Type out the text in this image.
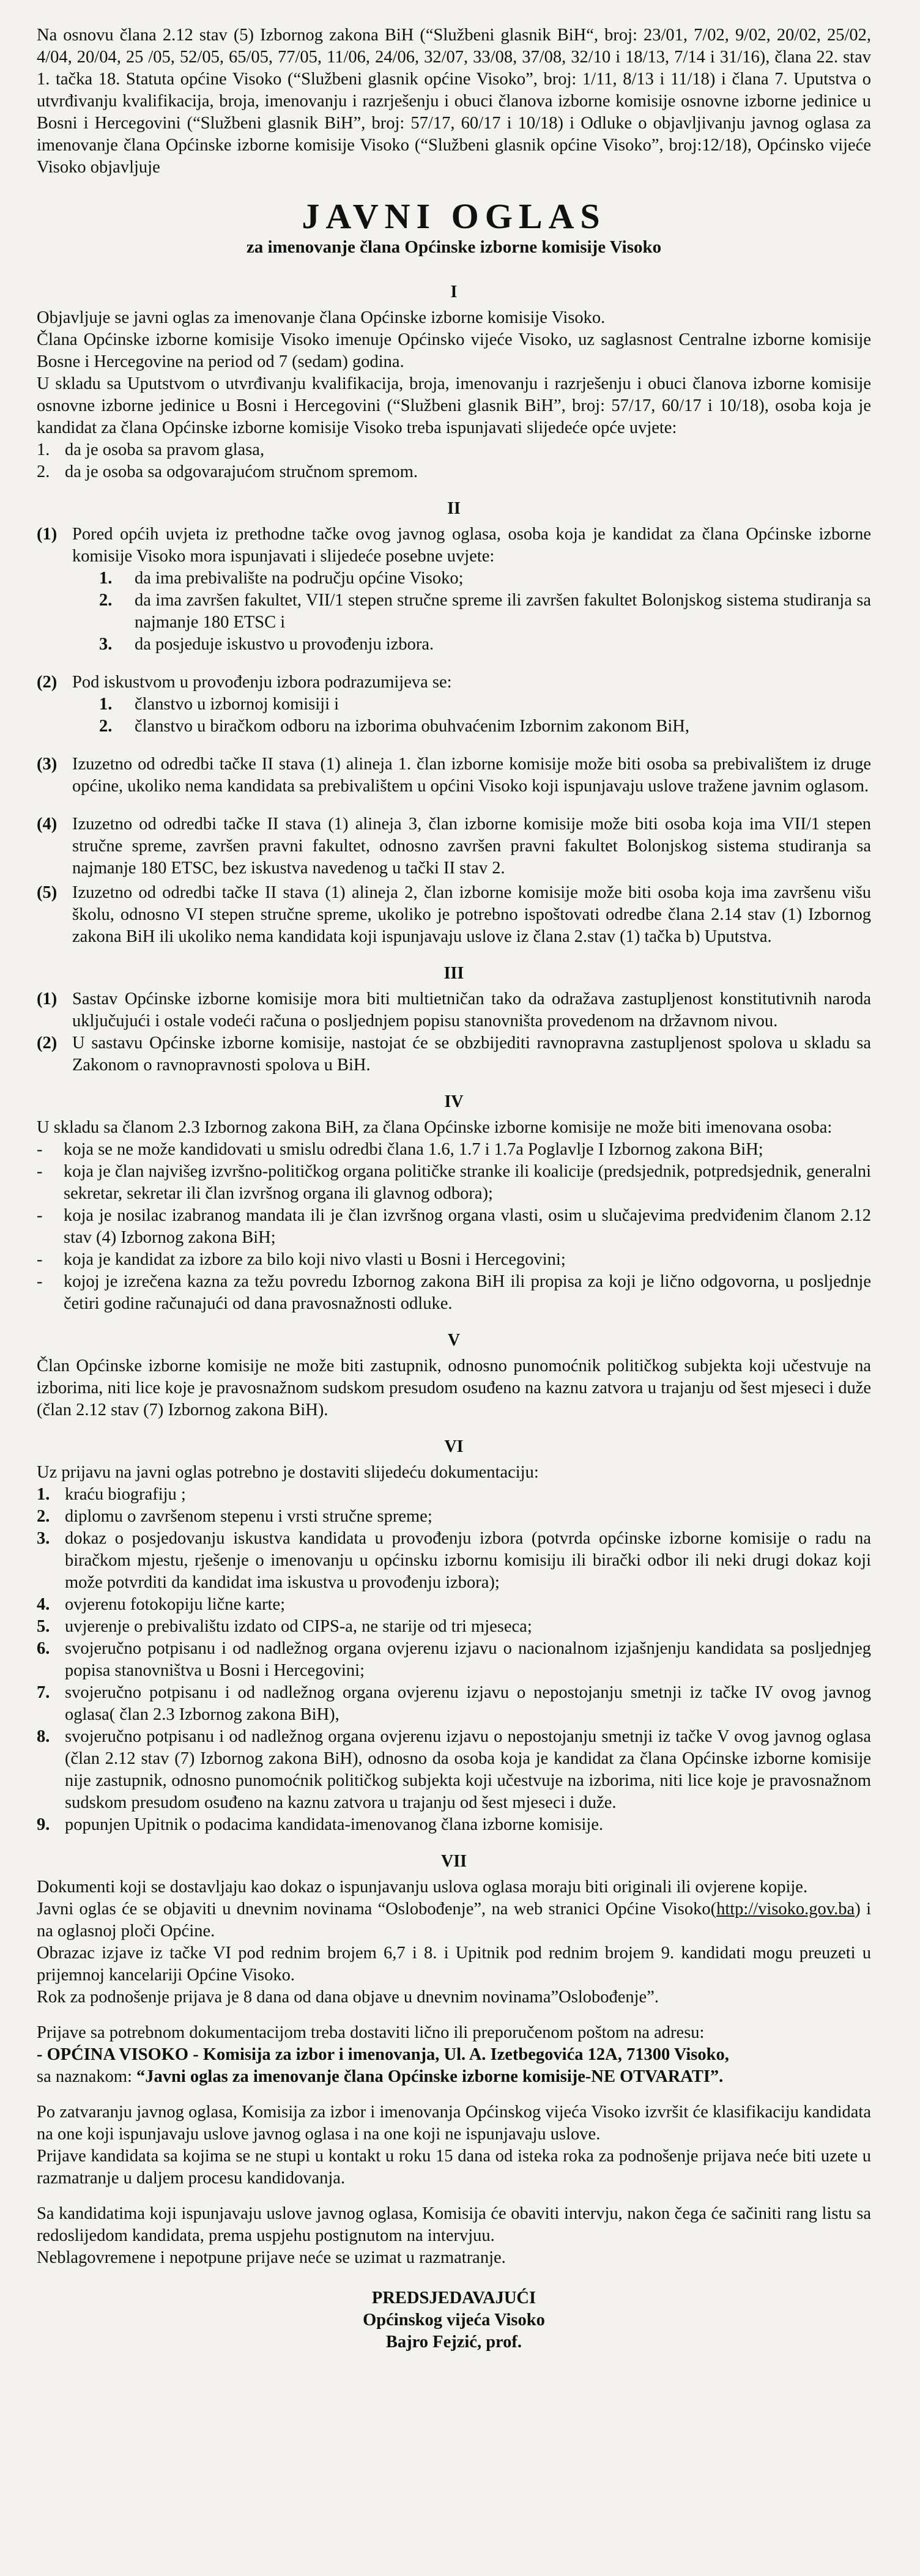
Na osnovu člana 2.12 stav (5) Izbornog zakona BiH (“Službeni glasnik BiH“, broj: 23/01, 7/02, 9/02, 20/02, 25/02, 4/04, 20/04, 25 /05, 52/05, 65/05, 77/05, 11/06, 24/06, 32/07, 33/08, 37/08, 32/10 i 18/13, 7/14 i 31/16), člana 22. stav 1. tačka 18. Statuta općine Visoko (“Službeni glasnik općine Visoko”, broj: 1/11, 8/13 i 11/18) i člana 7. Uputstva o utvrđivanju kvalifikacija, broja, imenovanju i razrješenju i obuci članova izborne komisije osnovne izborne jedinice u Bosni i Hercegovini (“Službeni glasnik BiH”, broj: 57/17, 60/17 i 10/18) i Odluke o objavljivanju javnog oglasa za imenovanje člana Općinske izborne komisije Visoko (“Službeni glasnik općine Visoko”, broj:12/18), Općinsko vijeće Visoko objavljuje

JAVNI OGLAS
za imenovanje člana Općinske izborne komisije Visoko
I

Objavljuje se javni oglas za imenovanje člana Općinske izborne komisije Visoko.

Člana Općinske izborne komisije Visoko imenuje Općinsko vijeće Visoko, uz saglasnost Centralne izborne komisije Bosne i Hercegovine na period od 7 (sedam) godina.

U skladu sa Uputstvom o utvrđivanju kvalifikacija, broja, imenovanju i razrješenju i obuci članova izborne komisije osnovne izborne jedinice u Bosni i Hercegovini (“Službeni glasnik BiH”, broj: 57/17, 60/17 i 10/18), osoba koja je kandidat za člana Općinske izborne komisije Visoko treba ispunjavati slijedeće opće uvjete:

1. da je osoba sa pravom glasa,
2. da je osoba sa odgovarajućom stručnom spremom.
II
(1) Pored općih uvjeta iz prethodne tačke ovog javnog oglasa, osoba koja je kandidat za člana Općinske izborne komisije Visoko mora ispunjavati i slijedeće posebne uvjete:
1.	da ima prebivalište na području općine Visoko;
2.	da ima završen fakultet, VII/1 stepen stručne spreme ili završen fakultet Bolonjskog sistema studiranja sa najmanje 180 ETSC i
3.	da posjeduje iskustvo u provođenju izbora.
(2) Pod iskustvom u provođenju izbora podrazumijeva se:
1.	članstvo u izbornoj komisiji i
2.	članstvo u biračkom odboru na izborima obuhvaćenim Izbornim zakonom BiH,
(3) Izuzetno od odredbi tačke II stava (1) alineja 1. član izborne komisije može biti osoba sa prebivalištem iz druge općine, ukoliko nema kandidata sa prebivalištem u općini Visoko koji ispunjavaju uslove tražene javnim oglasom.
(4) Izuzetno od odredbi tačke II stava (1) alineja 3, član izborne komisije može biti osoba koja ima VII/1 stepen stručne spreme, završen pravni fakultet, odnosno završen pravni fakultet Bolonjskog sistema studiranja sa najmanje 180 ETSC, bez iskustva navedenog u tački II stav 2.
(5) Izuzetno od odredbi tačke II stava (1) alineja 2, član izborne komisije može biti osoba koja ima završenu višu školu, odnosno VI stepen stručne spreme, ukoliko je potrebno ispoštovati odredbe člana 2.14 stav (1) Izbornog zakona BiH ili ukoliko nema kandidata koji ispunjavaju uslove iz člana 2.stav (1) tačka b) Uputstva.
III
(1) Sastav Općinske izborne komisije mora biti multietničan tako da odražava zastupljenost konstitutivnih naroda uključujući i ostale vodeći računa o posljednjem popisu stanovništa provedenom na državnom nivou.
(2) U sastavu Općinske izborne komisije, nastojat će se obzbijediti ravnopravna zastupljenost spolova u skladu sa Zakonom o ravnopravnosti spolova u BiH.
IV

U skladu sa članom 2.3 Izbornog zakona BiH, za člana Općinske izborne komisije ne može biti imenovana osoba:

-	koja se ne može kandidovati u smislu odredbi člana 1.6, 1.7 i 1.7a Poglavlje I Izbornog zakona BiH;
-	koja je član najvišeg izvršno-političkog organa političke stranke ili koalicije (predsjednik, potpredsjednik, generalni sekretar, sekretar ili član izvršnog organa ili glavnog odbora);
-	koja je nosilac izabranog mandata ili je član izvršnog organa vlasti, osim u slučajevima predviđenim članom 2.12 stav (4) Izbornog zakona BiH;
-	koja je kandidat za izbore za bilo koji nivo vlasti u Bosni i Hercegovini;
-	kojoj je izrečena kazna za težu povredu Izbornog zakona BiH ili propisa za koji je lično odgovorna, u posljednje četiri godine računajući od dana pravosnažnosti odluke.
V

Član Općinske izborne komisije ne može biti zastupnik, odnosno punomoćnik političkog subjekta koji učestvuje na izborima, niti lice koje je pravosnažnom sudskom presudom osuđeno na kaznu zatvora u trajanju od šest mjeseci i duže (član 2.12 stav (7) Izbornog zakona BiH).

VI

Uz prijavu na javni oglas potrebno je dostaviti slijedeću dokumentaciju:

1. kraću biografiju ;
2. diplomu o završenom stepenu i vrsti stručne spreme;
3. dokaz o posjedovanju iskustva kandidata u provođenju izbora (potvrda općinske izborne komisije o radu na biračkom mjestu, rješenje o imenovanju u općinsku izbornu komisiju ili birački odbor ili neki drugi dokaz koji može potvrditi da kandidat ima iskustva u provođenju izbora);
4. ovjerenu fotokopiju lične karte;
5. uvjerenje o prebivalištu izdato od CIPS-a, ne starije od tri mjeseca;
6. svojeručno potpisanu i od nadležnog organa ovjerenu izjavu o nacionalnom izjašnjenju kandidata sa posljednjeg popisa stanovništva u Bosni i Hercegovini;
7. svojeručno potpisanu i od nadležnog organa ovjerenu izjavu o nepostojanju smetnji iz tačke IV ovog javnog oglasa( član 2.3 Izbornog zakona BiH),
8. svojeručno potpisanu i od nadležnog organa ovjerenu izjavu o nepostojanju smetnji iz tačke V ovog javnog oglasa (član 2.12 stav (7) Izbornog zakona BiH), odnosno da osoba koja je kandidat za člana Općinske izborne komisije nije zastupnik, odnosno punomoćnik političkog subjekta koji učestvuje na izborima, niti lice koje je pravosnažnom sudskom presudom osuđeno na kaznu zatvora u trajanju od šest mjeseci i duže.
9. popunjen Upitnik o podacima kandidata-imenovanog člana izborne komisije.
VII

Dokumenti koji se dostavljaju kao dokaz o ispunjavanju uslova oglasa moraju biti originali ili ovjerene kopije.

Javni oglas će se objaviti u dnevnim novinama “Oslobođenje”, na web stranici Općine Visoko(http://visoko.gov.ba) i na oglasnoj ploči Općine.

Obrazac izjave iz tačke VI pod rednim brojem 6,7 i 8. i Upitnik pod rednim brojem 9. kandidati mogu preuzeti u prijemnoj kancelariji Općine Visoko.

Rok za podnošenje prijava je 8 dana od dana objave u dnevnim novinama”Oslobođenje”.

Prijave sa potrebnom dokumentacijom treba dostaviti lično ili preporučenom poštom na adresu:

- OPĆINA VISOKO - Komisija za izbor i imenovanja, Ul. A. Izetbegovića 12A, 71300 Visoko,

sa naznakom: “Javni oglas za imenovanje člana Općinske izborne komisije-NE OTVARATI”.

Po zatvaranju javnog oglasa, Komisija za izbor i imenovanja Općinskog vijeća Visoko izvršit će klasifikaciju kandidata na one koji ispunjavaju uslove javnog oglasa i na one koji ne ispunjavaju uslove.

Prijave kandidata sa kojima se ne stupi u kontakt u roku 15 dana od isteka roka za podnošenje prijava neće biti uzete u razmatranje u daljem procesu kandidovanja.

Sa kandidatima koji ispunjavaju uslove javnog oglasa, Komisija će obaviti intervju, nakon čega će sačiniti rang listu sa redoslijedom kandidata, prema uspjehu postignutom na intervjuu.

Neblagovremene i nepotpune prijave neće se uzimat u razmatranje.

PREDSJEDAVAJUĆI
Općinskog vijeća Visoko
Bajro Fejzić, prof.
